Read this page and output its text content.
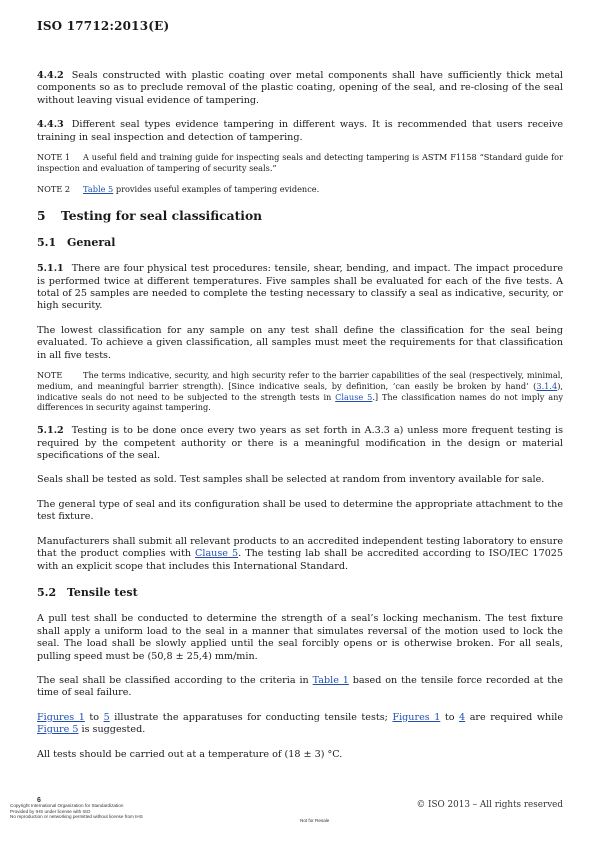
ISO 17712:2013(E)

4.4.2 Seals constructed with plastic coating over metal components shall have sufficiently thick metal components so as to preclude removal of the plastic coating, opening of the seal, and re-closing of the seal without leaving visual evidence of tampering.

4.4.3 Different seal types evidence tampering in different ways. It is recommended that users receive training in seal inspection and detection of tampering.

NOTE 1 A useful field and training guide for inspecting seals and detecting tampering is ASTM F1158 “Standard guide for inspection and evaluation of tampering of security seals.”

NOTE 2 Table 5 provides useful examples of tampering evidence.

5 Testing for seal classification
5.1 General

5.1.1 There are four physical test procedures: tensile, shear, bending, and impact. The impact procedure is performed twice at different temperatures. Five samples shall be evaluated for each of the five tests. A total of 25 samples are needed to complete the testing necessary to classify a seal as indicative, security, or high security.

The lowest classification for any sample on any test shall define the classification for the seal being evaluated. To achieve a given classification, all samples must meet the requirements for that classification in all five tests.

NOTE	The terms indicative, security, and high security refer to the barrier capabilities of the seal (respectively, minimal, medium, and meaningful barrier strength). [Since indicative seals, by definition, ‘can easily be broken by hand’ (3.1.4), indicative seals do not need to be subjected to the strength tests in Clause 5.] The classification names do not imply any differences in security against tampering.

5.1.2 Testing is to be done once every two years as set forth in A.3.3 a) unless more frequent testing is required by the competent authority or there is a meaningful modification in the design or material specifications of the seal.

Seals shall be tested as sold. Test samples shall be selected at random from inventory available for sale.

The general type of seal and its configuration shall be used to determine the appropriate attachment to the test fixture.

Manufacturers shall submit all relevant products to an accredited independent testing laboratory to ensure that the product complies with Clause 5. The testing lab shall be accredited according to ISO/IEC 17025 with an explicit scope that includes this International Standard.

5.2 Tensile test

A pull test shall be conducted to determine the strength of a seal’s locking mechanism. The test fixture shall apply a uniform load to the seal in a manner that simulates reversal of the motion used to lock the seal. The load shall be slowly applied until the seal forcibly opens or is otherwise broken. For all seals, pulling speed must be (50,8 ± 25,4) mm/min.

The seal shall be classified according to the criteria in Table 1 based on the tensile force recorded at the time of seal failure.

Figures 1 to 5 illustrate the apparatuses for conducting tensile tests; Figures 1 to 4 are required while Figure 5 is suggested.

All tests should be carried out at a temperature of (18 ± 3) °C.

6
Copyright International Organization for Standardization
Provided by IHS under license with ISO
No reproduction or networking permitted without license from IHS
Not for Resale
© ISO 2013 – All rights reserved
